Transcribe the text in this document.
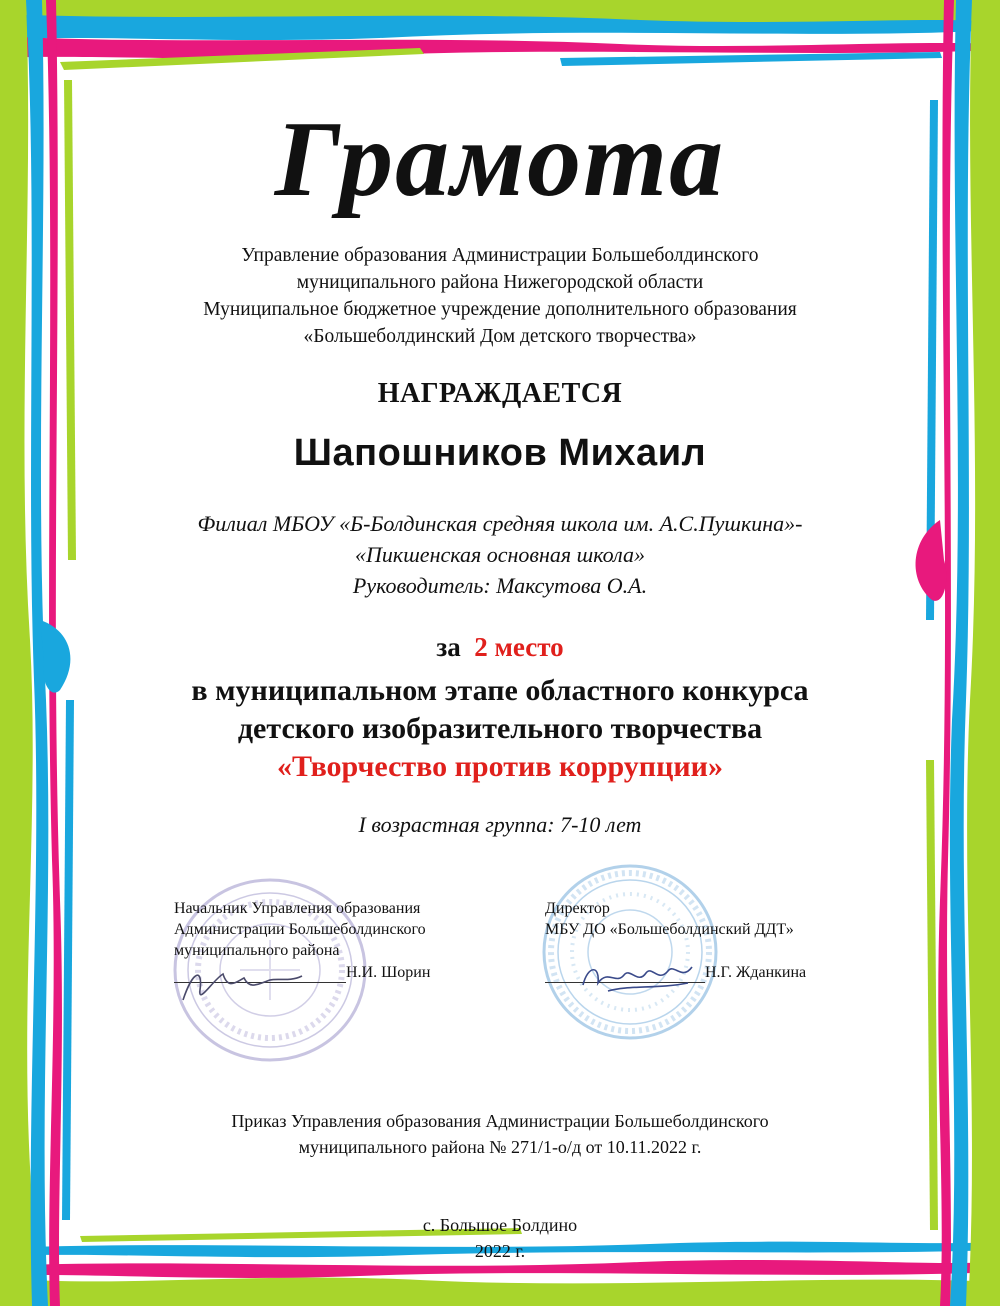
Грамота
Управление образования Администрации Большеболдинского
муниципального района Нижегородской области
Муниципальное бюджетное учреждение дополнительного образования
«Большеболдинский Дом детского творчества»
НАГРАЖДАЕТСЯ
Шапошников Михаил
Филиал МБОУ «Б-Болдинская средняя школа им. А.С.Пушкина»-
«Пикшенская основная школа»
Руководитель: Максутова О.А.
за 2 место
в муниципальном этапе областного конкурса
детского изобразительного творчества
«Творчество против коррупции»
I возрастная группа: 7-10 лет
Начальник Управления образования
Администрации Большеболдинского
муниципального района
Н.И. Шорин
Директор
МБУ ДО «Большеболдинский ДДТ»
Н.Г. Жданкина
Приказ Управления образования Администрации Большеболдинского
муниципального района № 271/1-о/д от 10.11.2022 г.
с. Большое Болдино
2022 г.
